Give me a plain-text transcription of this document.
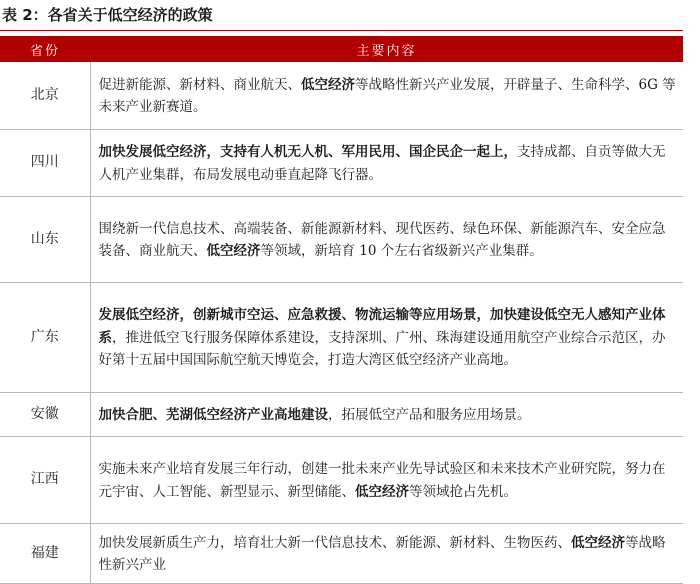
表 2：各省关于低空经济的政策
省份	主要内容
北京	促进新能源、新材料、商业航天、低空经济等战略性新兴产业发展，开辟量子、生命科学、6G 等未来产业新赛道。
四川	加快发展低空经济，支持有人机无人机、军用民用、国企民企一起上，支持成都、自贡等做大无人机产业集群，布局发展电动垂直起降飞行器。
山东	围绕新一代信息技术、高端装备、新能源新材料、现代医药、绿色环保、新能源汽车、安全应急装备、商业航天、低空经济等领域，新培育 10 个左右省级新兴产业集群。
广东	发展低空经济，创新城市空运、应急救援、物流运输等应用场景，加快建设低空无人感知产业体系，推进低空飞行服务保障体系建设，支持深圳、广州、珠海建设通用航空产业综合示范区，办好第十五届中国国际航空航天博览会，打造大湾区低空经济产业高地。
安徽	加快合肥、芜湖低空经济产业高地建设，拓展低空产品和服务应用场景。
江西	实施未来产业培育发展三年行动，创建一批未来产业先导试验区和未来技术产业研究院，努力在元宇宙、人工智能、新型显示、新型储能、低空经济等领域抢占先机。
福建	加快发展新质生产力，培育壮大新一代信息技术、新能源、新材料、生物医药、低空经济等战略性新兴产业
